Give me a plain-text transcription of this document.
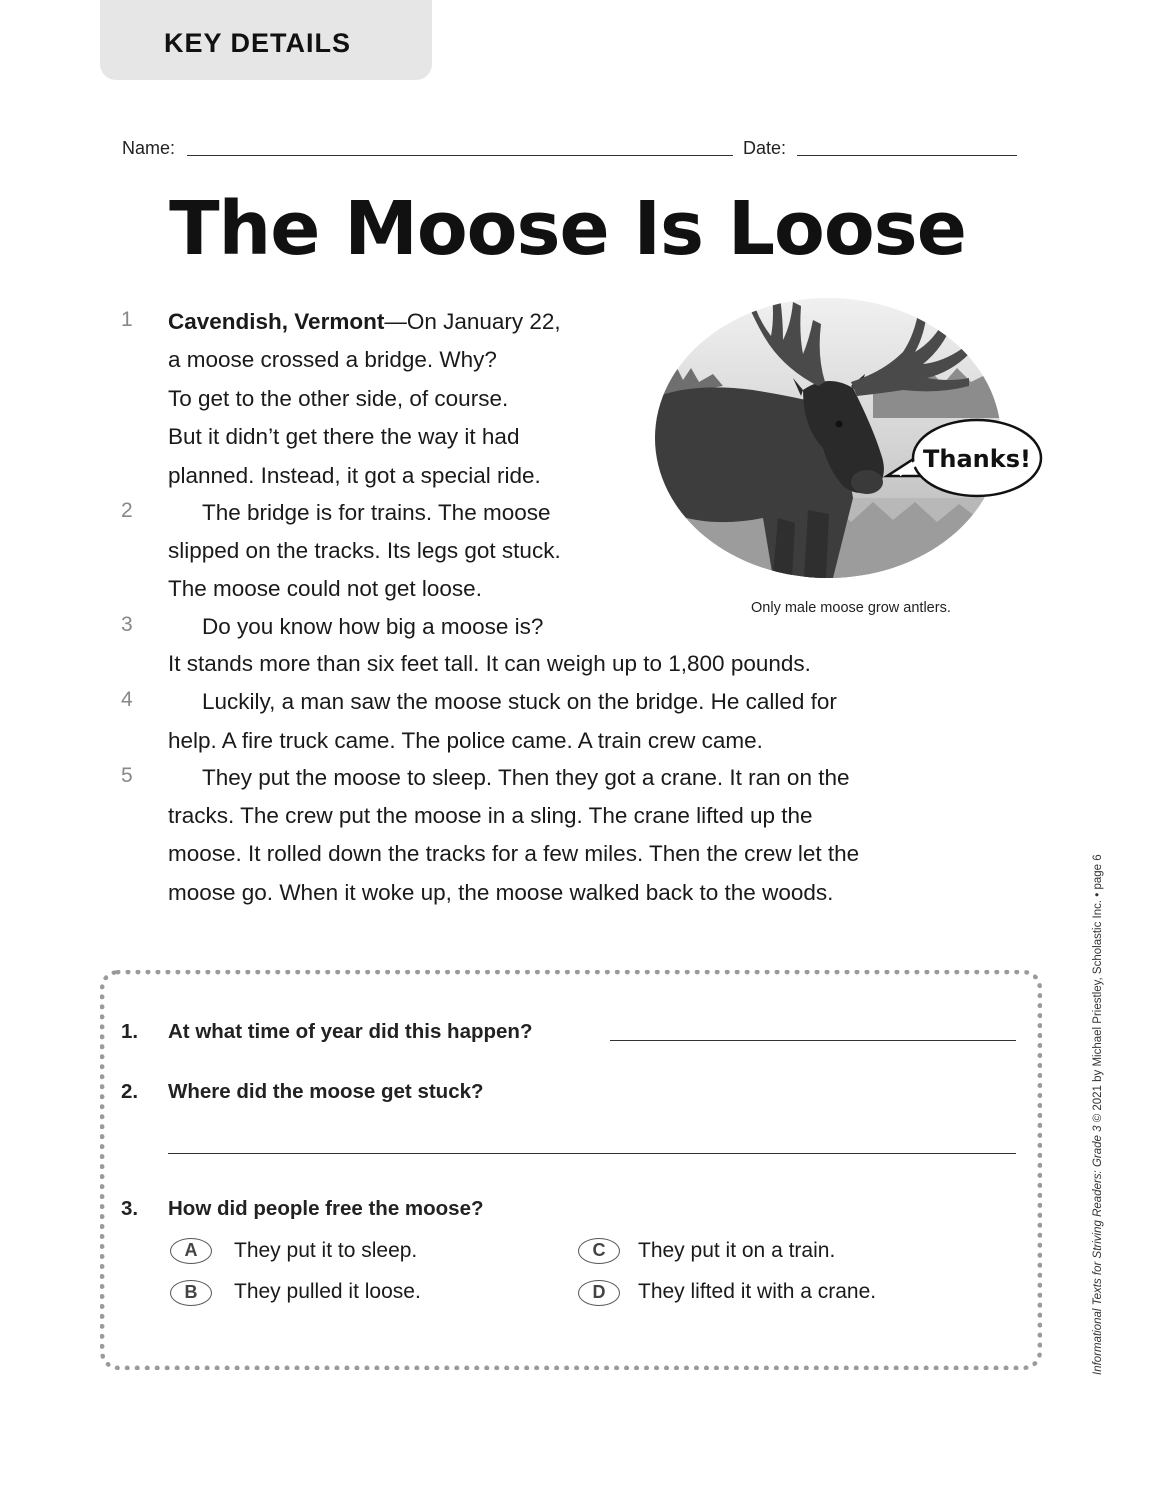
KEY DETAILS
Name:	Date:
The Moose Is Loose
1 Cavendish, Vermont—On January 22,
a moose crossed a bridge. Why?
To get to the other side, of course.
But it didn’t get there the way it had
planned. Instead, it got a special ride.
2	The bridge is for trains. The moose
slipped on the tracks. Its legs got stuck.
The moose could not get loose.
3	Do you know how big a moose is?
It stands more than six feet tall. It can weigh up to 1,800 pounds.
4	Luckily, a man saw the moose stuck on the bridge. He called for
help. A fire truck came. The police came. A train crew came.
5	They put the moose to sleep. Then they got a crane. It ran on the
tracks. The crew put the moose in a sling. The crane lifted up the
moose. It rolled down the tracks for a few miles. Then the crew let the
moose go. When it woke up, the moose walked back to the woods.
Thanks!
Only male moose grow antlers.
1. At what time of year did this happen?
2. Where did the moose get stuck?
3. How did people free the moose?
A	They put it to sleep.
B	They pulled it loose.
C	They put it on a train.
D	They lifted it with a crane.	Informational Texts for Striving Readers: Grade 3 © 2021 by Michael Priestley, Scholastic Inc. • page 6
